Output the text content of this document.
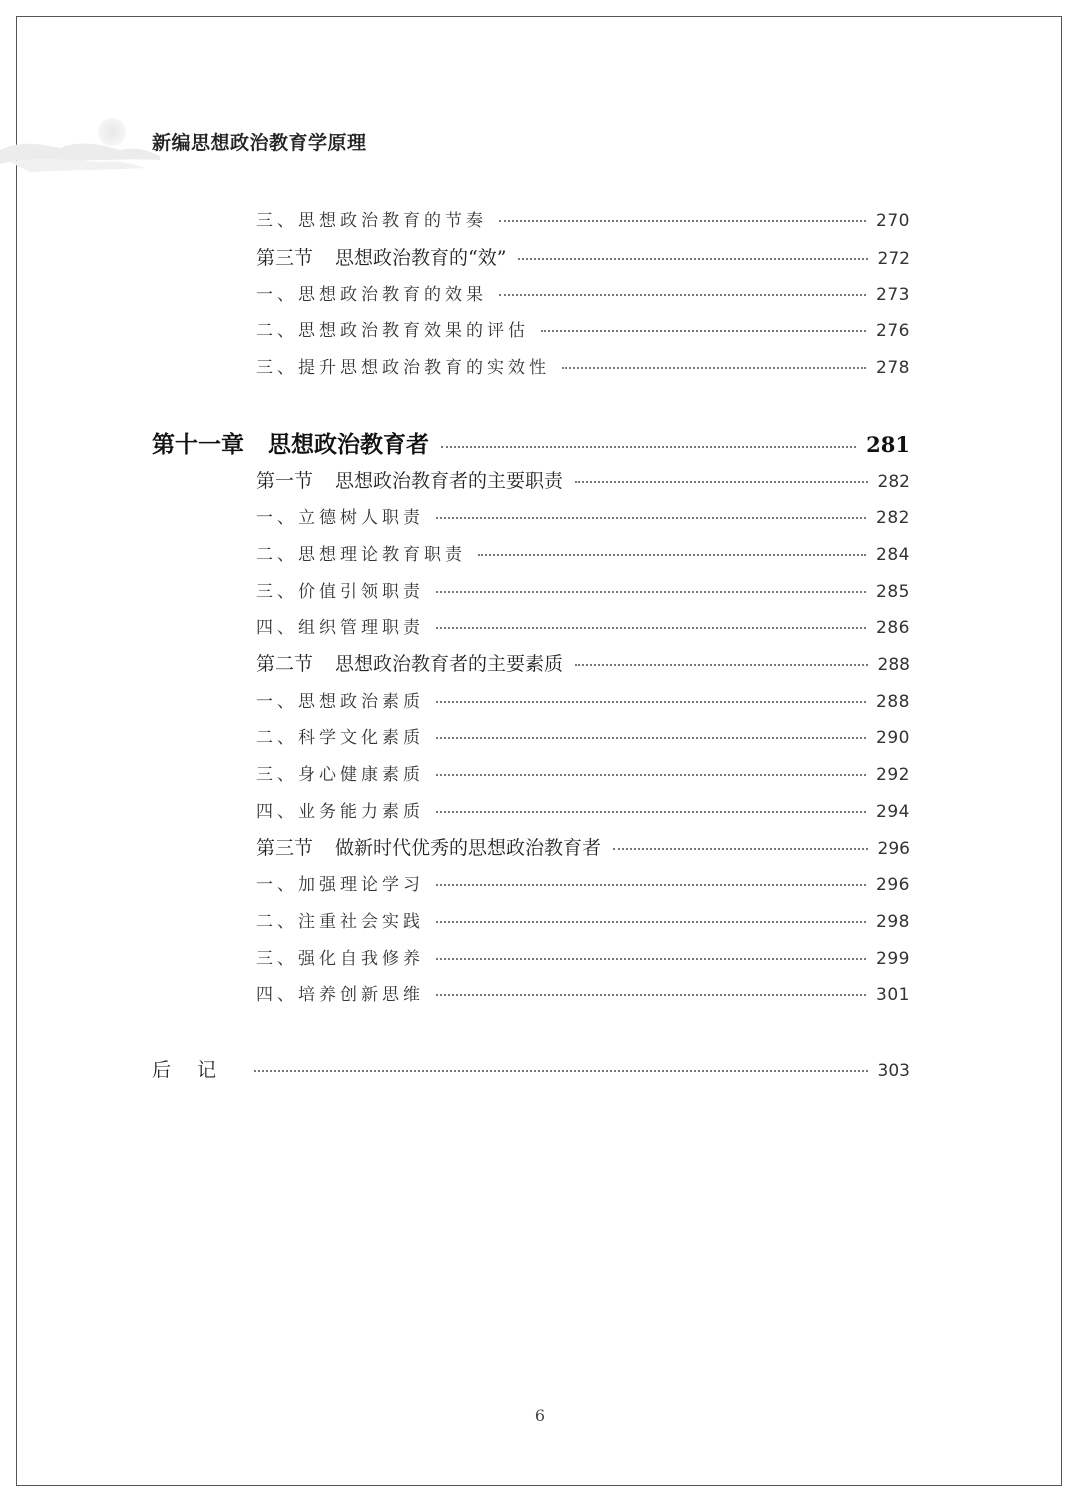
新编思想政治教育学原理
三、思想政治教育的节奏	270
第三节 思想政治教育的“效”	272
一、思想政治教育的效果	273
二、思想政治教育效果的评估	276
三、提升思想政治教育的实效性	278
第十一章 思想政治教育者	281
第一节 思想政治教育者的主要职责	282
一、立德树人职责	282
二、思想理论教育职责	284
三、价值引领职责	285
四、组织管理职责	286
第二节 思想政治教育者的主要素质	288
一、思想政治素质	288
二、科学文化素质	290
三、身心健康素质	292
四、业务能力素质	294
第三节 做新时代优秀的思想政治教育者	296
一、加强理论学习	296
二、注重社会实践	298
三、强化自我修养	299
四、培养创新思维	301
后记	303
6
